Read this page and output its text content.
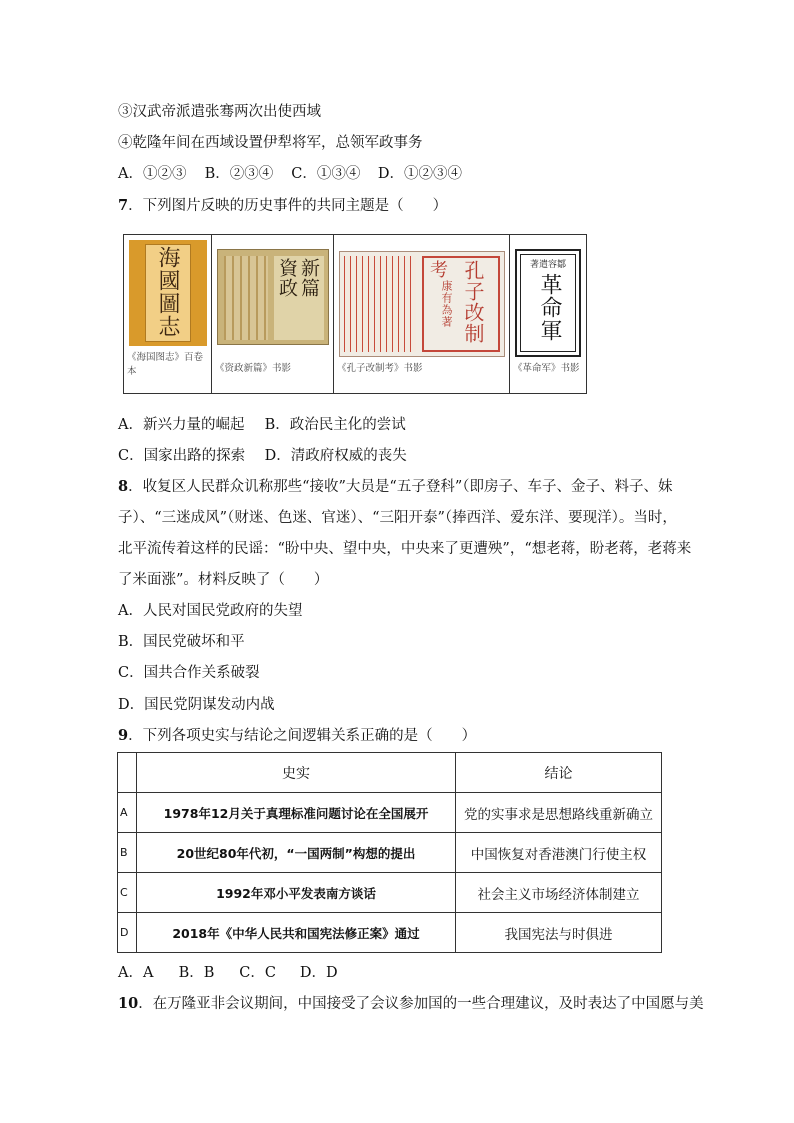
③汉武帝派遣张骞两次出使西域
④乾隆年间在西域设置伊犁将军，总领军政事务
A．①②③ B．②③④ C．①③④ D．①②③④
7．下列图片反映的历史事件的共同主题是（　　）
海國圖志
《海国图志》百卷本
資政 新篇
《资政新篇》书影
孔子改制
考
康有為著
《孔子改制考》书影
著遣容鄒
革命軍
《革命军》书影
A．新兴力量的崛起 B．政治民主化的尝试
C．国家出路的探索 D．清政府权威的丧失
8．收复区人民群众讥称那些“接收”大员是“五子登科”（即房子、车子、金子、料子、妹
子）、“三迷成风”（财迷、色迷、官迷）、“三阳开泰”（捧西洋、爱东洋、要现洋）。当时，
北平流传着这样的民谣：“盼中央、望中央，中央来了更遭殃”，“想老蒋，盼老蒋，老蒋来
了米面涨”。材料反映了（　　）
A．人民对国民党政府的失望
B．国民党破坏和平
C．国共合作关系破裂
D．国民党阴谋发动内战
9．下列各项史实与结论之间逻辑关系正确的是（　　）
	史实	结论
A	1978年12月关于真理标准问题讨论在全国展开	党的实事求是思想路线重新确立
B	20世纪80年代初，“一国两制”构想的提出	中国恢复对香港澳门行使主权
C	1992年邓小平发表南方谈话	社会主义市场经济体制建立
D	2018年《中华人民共和国宪法修正案》通过	我国宪法与时俱进
A．A B．B C．C D．D
10．在万隆亚非会议期间，中国接受了会议参加国的一些合理建议，及时表达了中国愿与美
